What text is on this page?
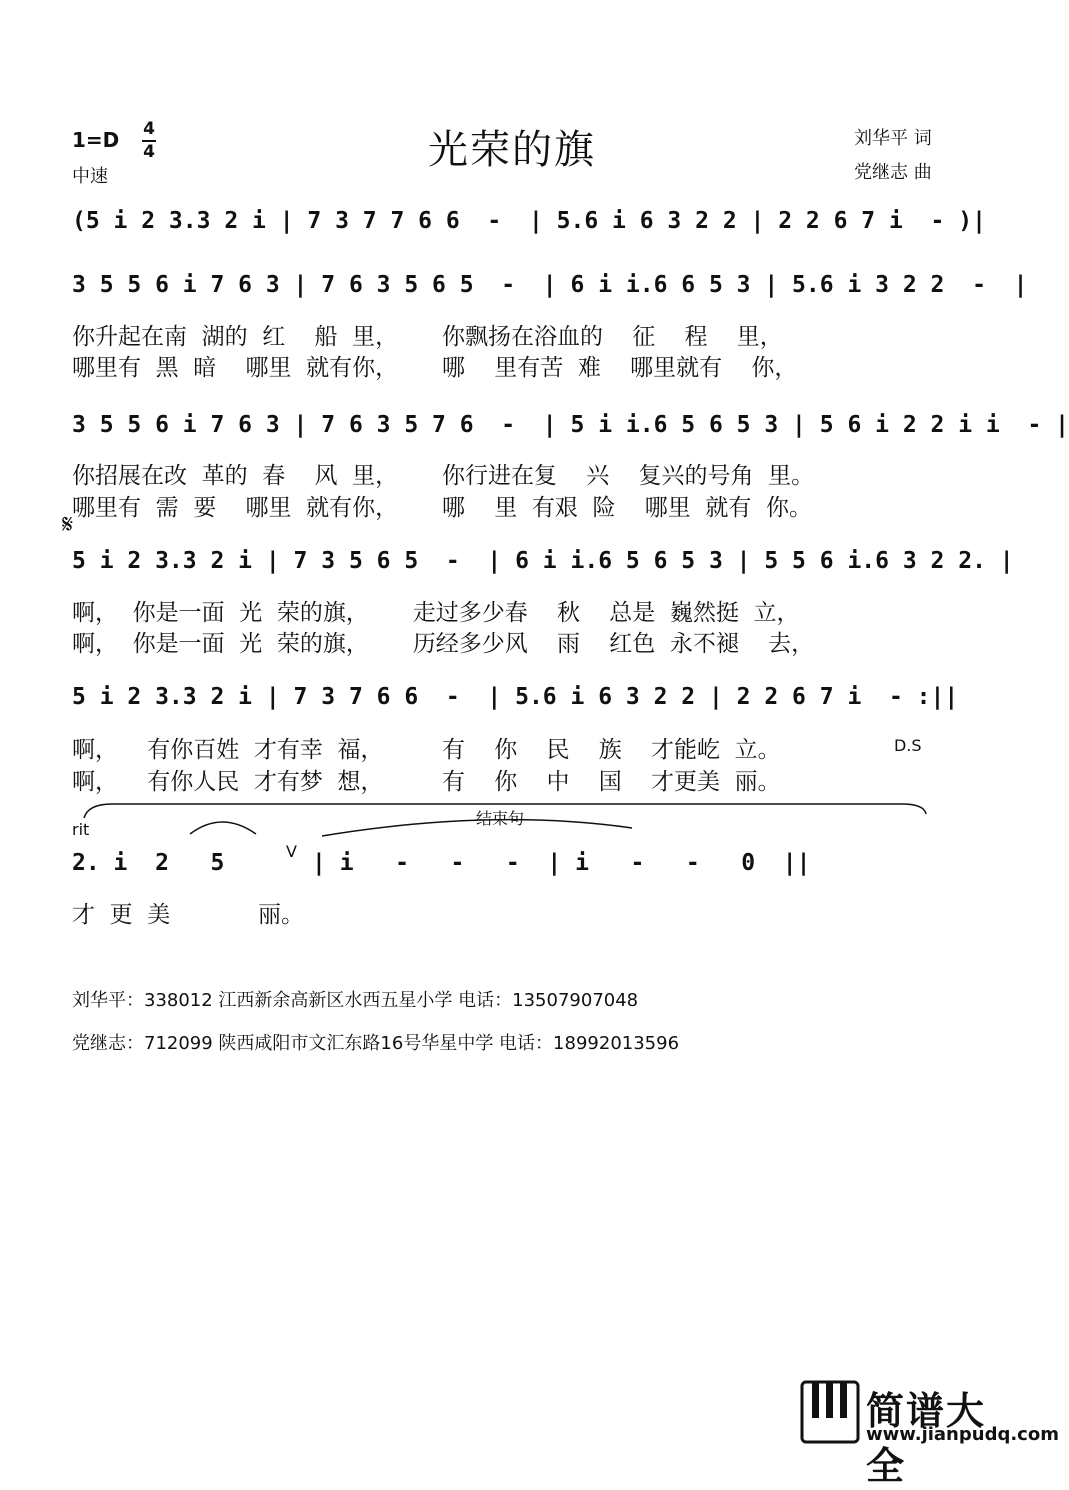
光荣的旗
1=D 4
4
中速
刘华平 词
党继志 曲
(5 i 2 3.3 2 i | 7 3 7 7 6 6  -  | 5.6 i 6 3 2 2 | 2 2 6 7 i  - )|
3 5 5 6 i 7 6 3 | 7 6 3 5 6 5  -  | 6 i i.6 6 5 3 | 5.6 i 3 2 2  -  |
你升起在南  湖的  红    船  里，      你飘扬在浴血的    征    程    里，
哪里有  黑  暗    哪里  就有你，      哪    里有苦  难    哪里就有    你，
3 5 5 6 i 7 6 3 | 7 6 3 5 7 6  -  | 5 i i.6 5 6 5 3 | 5 6 i 2 2 i i  - |
你招展在改  革的  春    风  里，      你行进在复    兴    复兴的号角  里。
哪里有  需  要    哪里  就有你，      哪    里  有艰  险    哪里  就有  你。
𝄋
5 i 2 3.3 2 i | 7 3 5 6 5  -  | 6 i i.6 5 6 5 3 | 5 5 6 i.6 3 2 2. |
啊，  你是一面  光  荣的旗，      走过多少春    秋    总是  巍然挺  立，
啊，  你是一面  光  荣的旗，      历经多少风    雨    红色  永不褪    去，
5 i 2 3.3 2 i | 7 3 7 6 6  -  | 5.6 i 6 3 2 2 | 2 2 6 7 i  - :||
啊，    有你百姓  才有幸  福，        有    你    民    族    才能屹  立。	D.S
啊，    有你人民  才有梦  想，        有    你    中    国    才更美  丽。
结束句
rit
2. i  2   5	V | i   -   -   -  | i   -   -   0  ||
才  更  美            丽。
刘华平：338012 江西新余高新区水西五星小学 电话：13507907048
党继志：712099 陕西咸阳市文汇东路16号华星中学 电话：18992013596
简谱大全
www.jianpudq.com
